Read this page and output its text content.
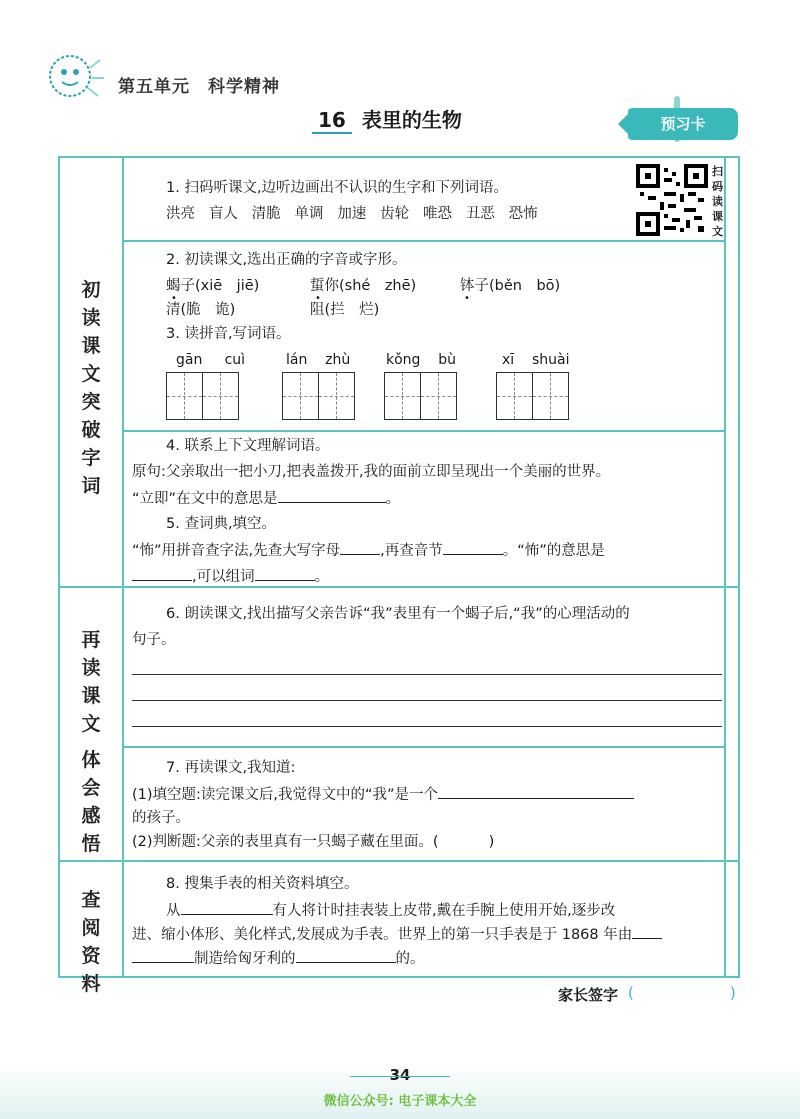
第五单元　科学精神
16 表里的生物	预习卡
初读课文
突破字词
再读课文
体会感悟
查阅资料
扫码读课文
1. 扫码听课文,边听边画出不认识的生字和下列词语。
洪亮 盲人 清脆 单调 加速 齿轮 唯恐 丑恶 恐怖
2. 初读课文,选出正确的字音或字形。
蝎子(xiē　jiē)	蜇你(shé　zhē)	钵子(běn　bō)
清(脆　诡)	阻(拦　烂)
•	•	•
3. 读拼音,写词语。
gān cuì	lán zhù	kǒng bù	xī shuài
4. 联系上下文理解词语。
原句:父亲取出一把小刀,把表盖拨开,我的面前立即呈现出一个美丽的世界。
“立即”在文中的意思是	。
5. 查词典,填空。
“怖”用拼音查字法,先查大写字母	,再查音节	。“怖”的意思是
,可以组词	。
6. 朗读课文,找出描写父亲告诉“我”表里有一个蝎子后,“我”的心理活动的
句子。
7. 再读课文,我知道:
(1)填空题:读完课文后,我觉得文中的“我”是一个
的孩子。
(2)判断题:父亲的表里真有一只蝎子藏在里面。(	)
8. 搜集手表的相关资料填空。
从	有人将计时挂表装上皮带,戴在手腕上使用开始,逐步改
进、缩小体形、美化样式,发展成为手表。世界上的第一只手表是于 1868 年由
制造给匈牙利的	的。
家长签字 (	)
34
微信公众号: 电子课本大全
